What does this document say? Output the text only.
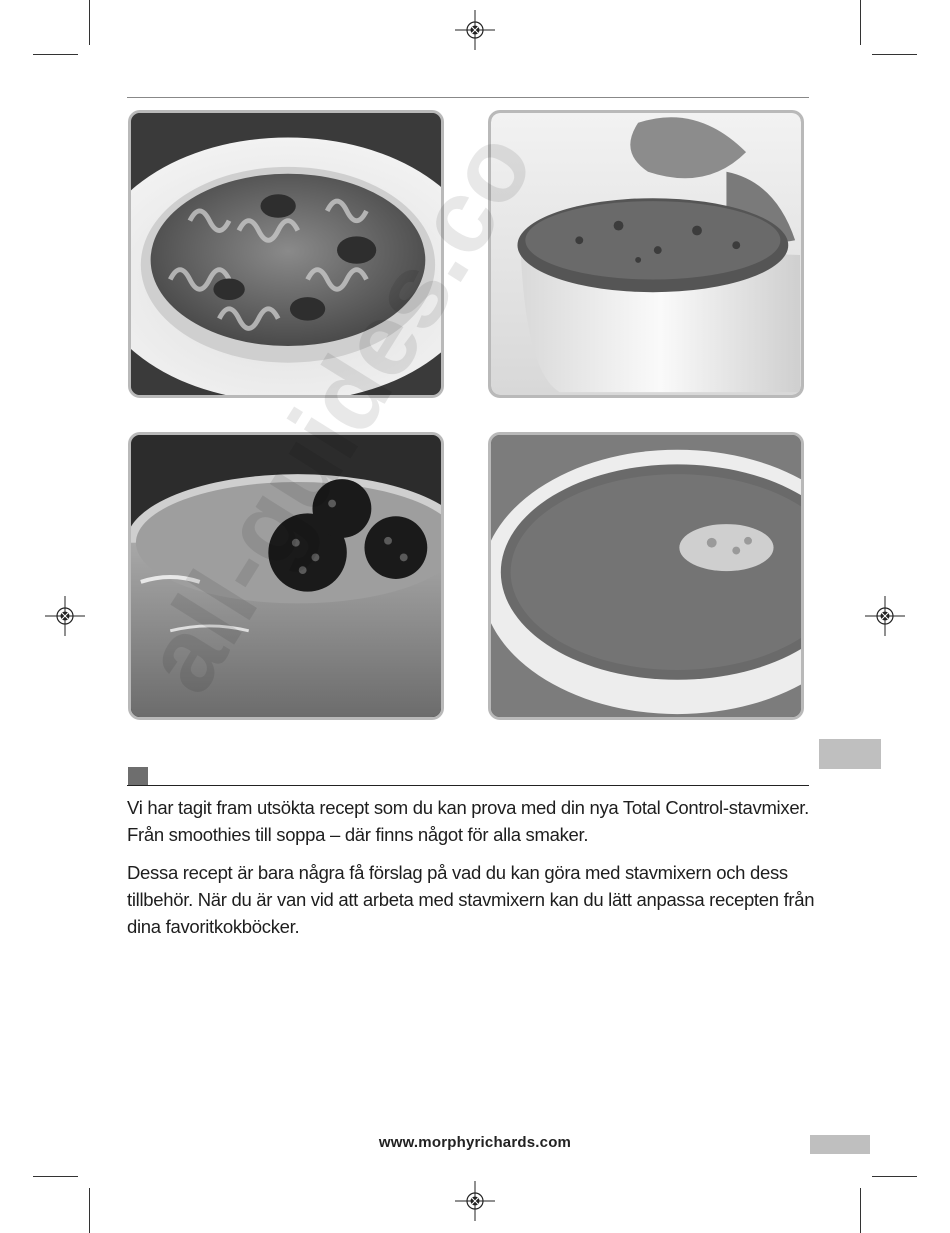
Vi har tagit fram utsökta recept som du kan prova med din nya Total Control-stavmixer.
Från smoothies till soppa – där finns något för alla smaker.

Dessa recept är bara några få förslag på vad du kan göra med stavmixern och dess
tillbehör. När du är van vid att arbeta med stavmixern kan du lätt anpassa recepten från
dina favoritkokböcker.

all-guides.co
www.morphyrichards.com
